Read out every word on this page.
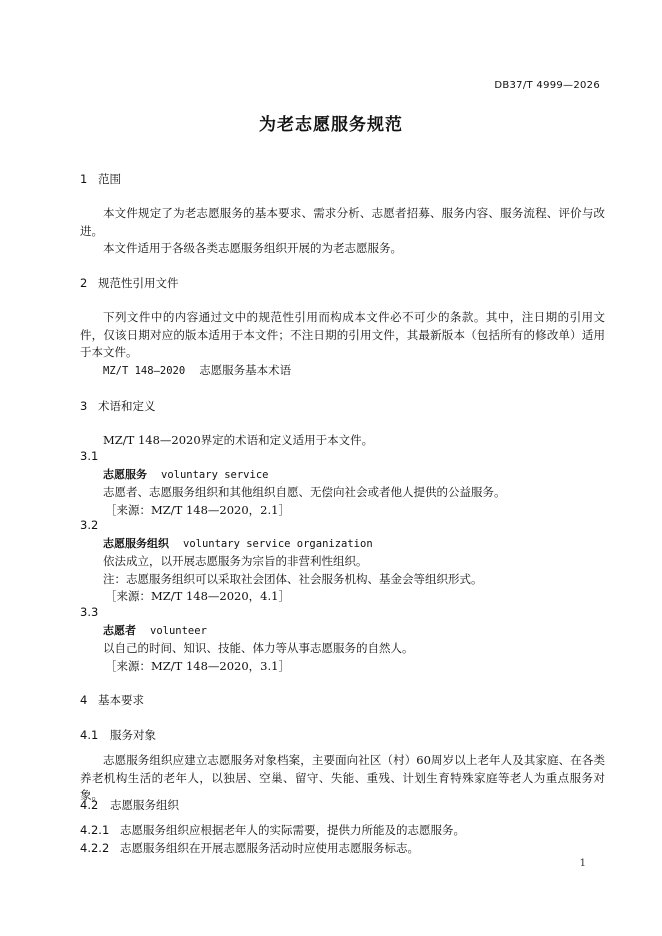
DB37/T 4999—2026
为老志愿服务规范
1 范围
本文件规定了为老志愿服务的基本要求、需求分析、志愿者招募、服务内容、服务流程、评价与改进。
本文件适用于各级各类志愿服务组织开展的为老志愿服务。
2 规范性引用文件
下列文件中的内容通过文中的规范性引用而构成本文件必不可少的条款。其中，注日期的引用文件，仅该日期对应的版本适用于本文件；不注日期的引用文件，其最新版本（包括所有的修改单）适用于本文件。
MZ/T 148—2020 志愿服务基本术语
3 术语和定义
MZ/T 148—2020界定的术语和定义适用于本文件。
3.1
志愿服务 voluntary service
志愿者、志愿服务组织和其他组织自愿、无偿向社会或者他人提供的公益服务。
［来源：MZ/T 148—2020，2.1］
3.2
志愿服务组织 voluntary service organization
依法成立，以开展志愿服务为宗旨的非营利性组织。
注：志愿服务组织可以采取社会团体、社会服务机构、基金会等组织形式。
［来源：MZ/T 148—2020，4.1］
3.3
志愿者 volunteer
以自己的时间、知识、技能、体力等从事志愿服务的自然人。
［来源：MZ/T 148—2020，3.1］
4 基本要求
4.1 服务对象
志愿服务组织应建立志愿服务对象档案，主要面向社区（村）60周岁以上老年人及其家庭、在各类养老机构生活的老年人，以独居、空巢、留守、失能、重残、计划生育特殊家庭等老人为重点服务对象。
4.2 志愿服务组织
4.2.1 志愿服务组织应根据老年人的实际需要，提供力所能及的志愿服务。
4.2.2 志愿服务组织在开展志愿服务活动时应使用志愿服务标志。
1
